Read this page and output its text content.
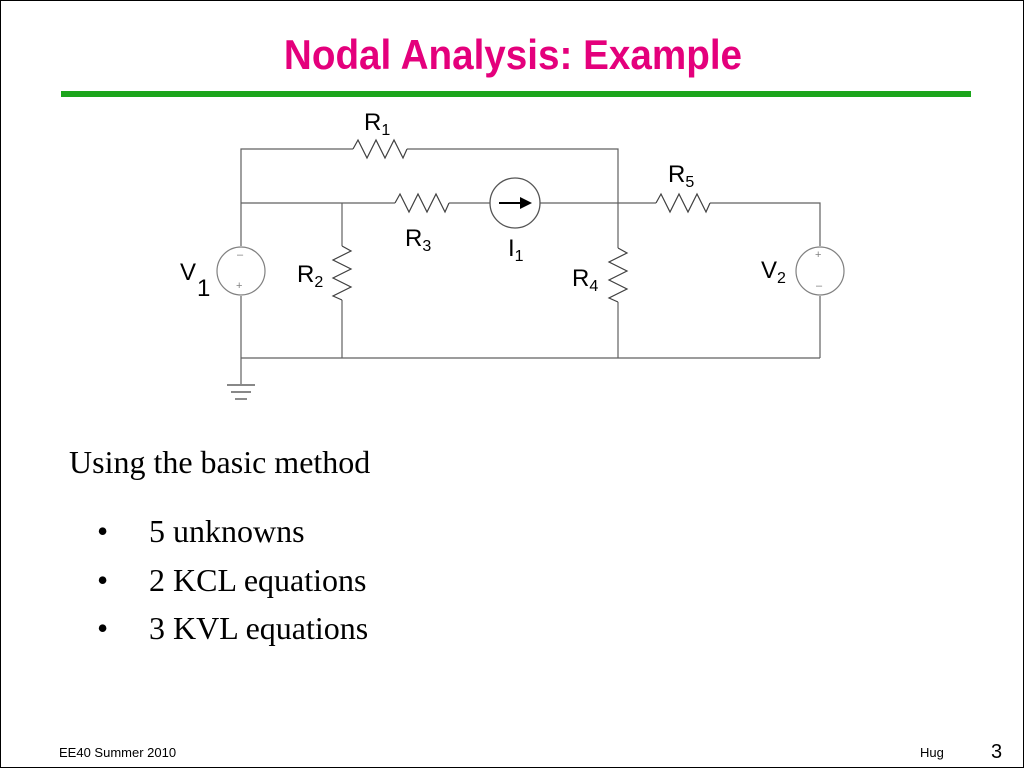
Nodal Analysis: Example
$R_1$
$R_5$
$R_3$	$I_1$
$R_2$	$R_4$
V1
$V_2$
–
+
+
–
Using the basic method
• 5 unknowns
• 2 KCL equations
• 3 KVL equations
EE40 Summer 2010	Hug 3
